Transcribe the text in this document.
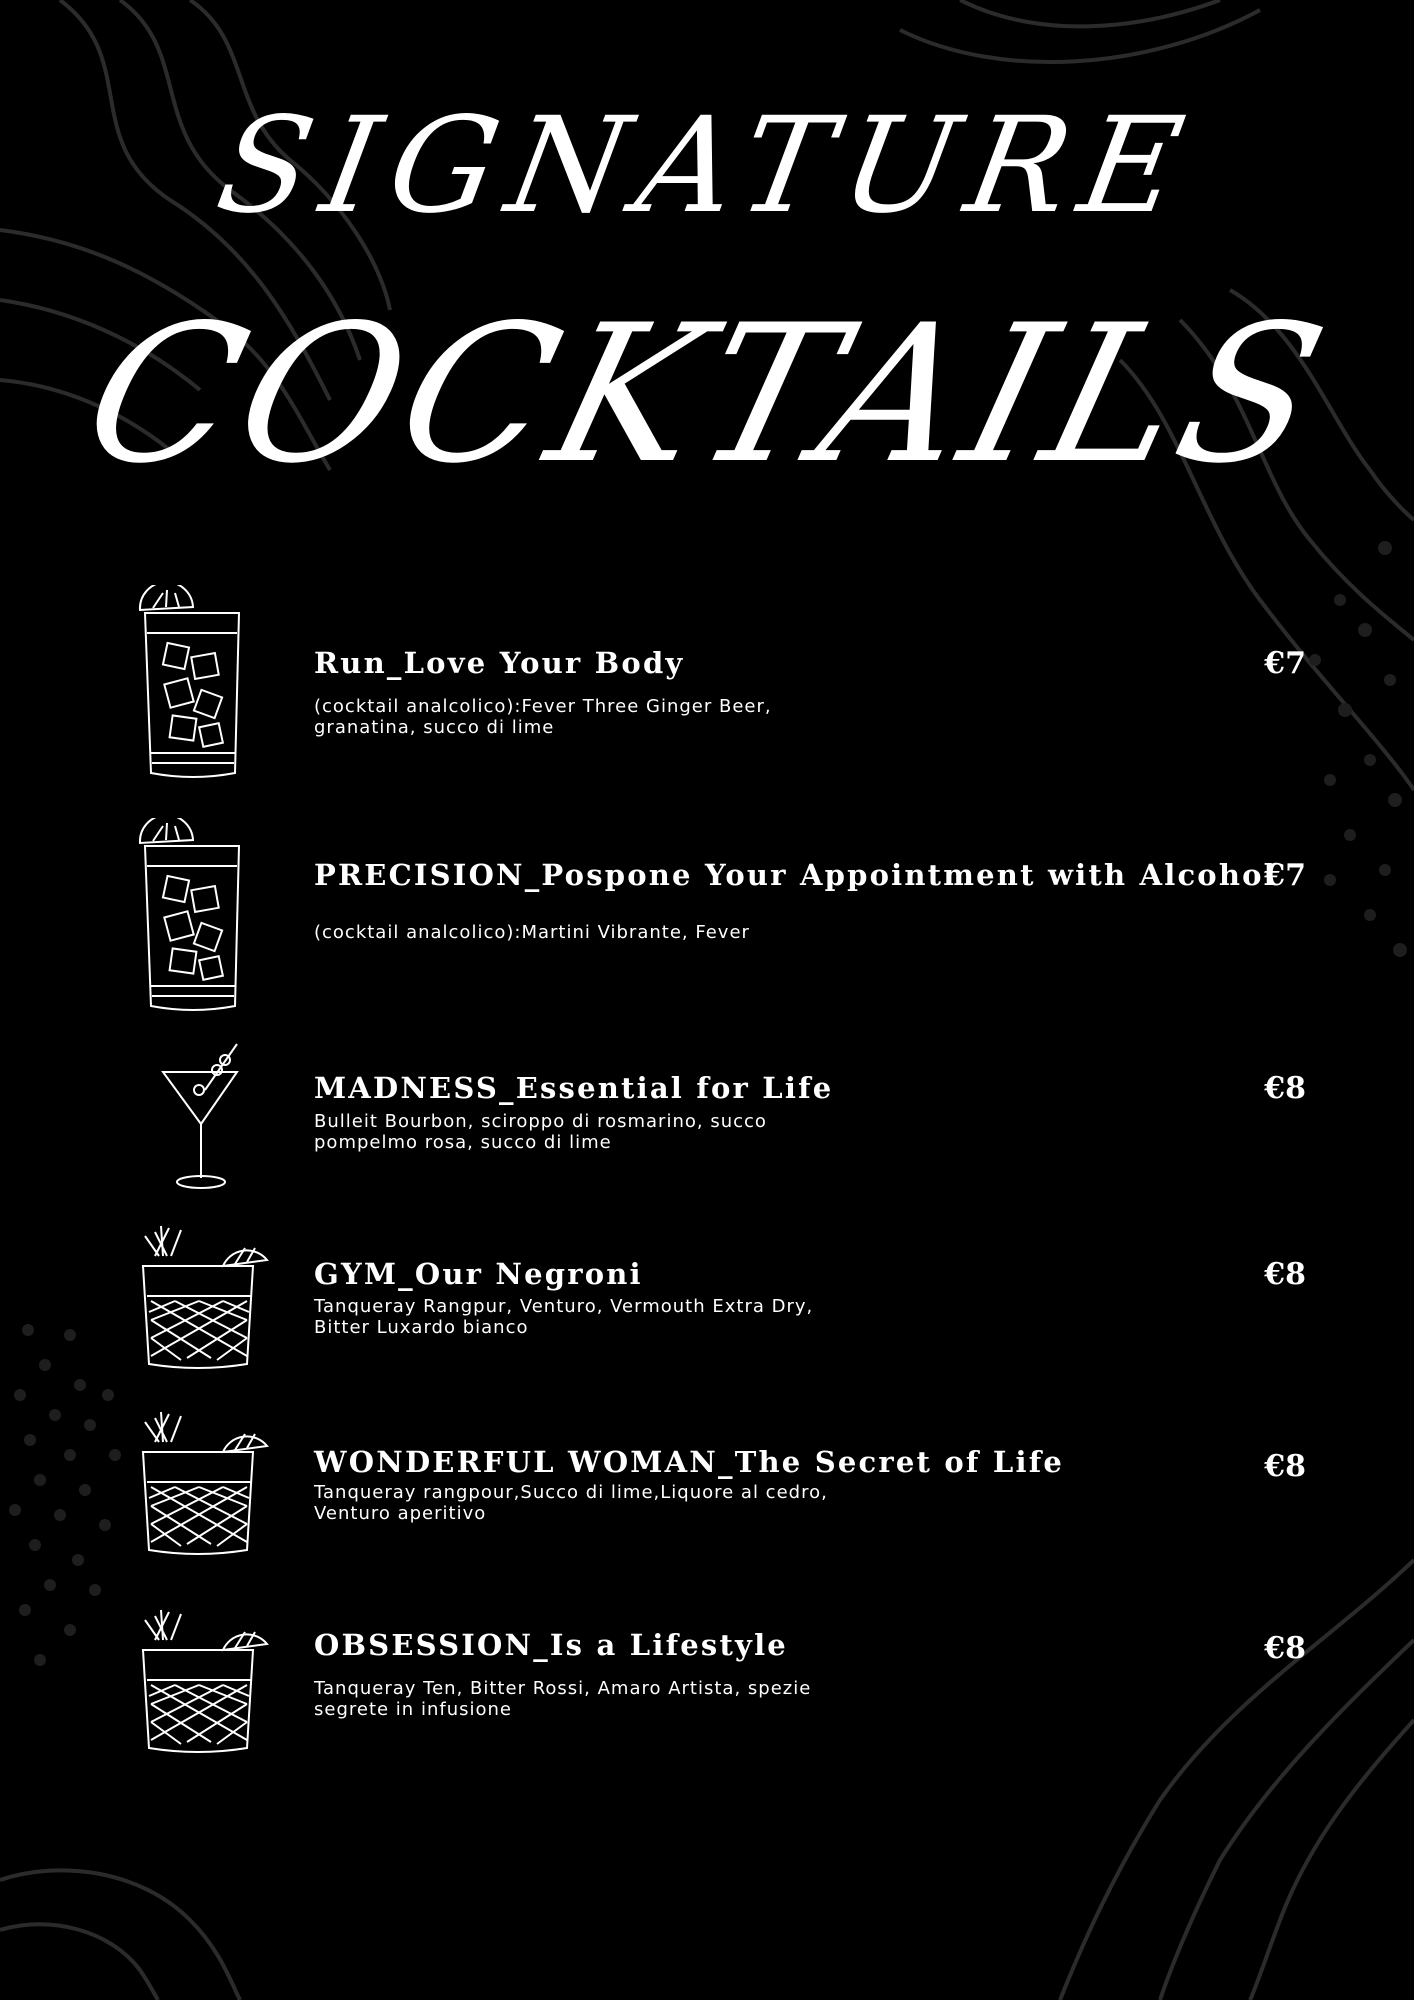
SIGNATURE
COCKTAILS
Run_Love Your Body
(cocktail analcolico):Fever Three Ginger Beer, granatina, succo di lime
€7
PRECISION_Pospone Your Appointment with Alcohol
(cocktail analcolico):Martini Vibrante, Fever
€7
MADNESS_Essential for Life
Bulleit Bourbon, sciroppo di rosmarino, succo pompelmo rosa, succo di lime
€8
GYM_Our Negroni
Tanqueray Rangpur, Venturo, Vermouth Extra Dry, Bitter Luxardo bianco
€8
WONDERFUL WOMAN_The Secret of Life
Tanqueray rangpour,Succo di lime,Liquore al cedro, Venturo aperitivo
€8
OBSESSION_Is a Lifestyle
Tanqueray Ten, Bitter Rossi, Amaro Artista, spezie segrete in infusione
€8
